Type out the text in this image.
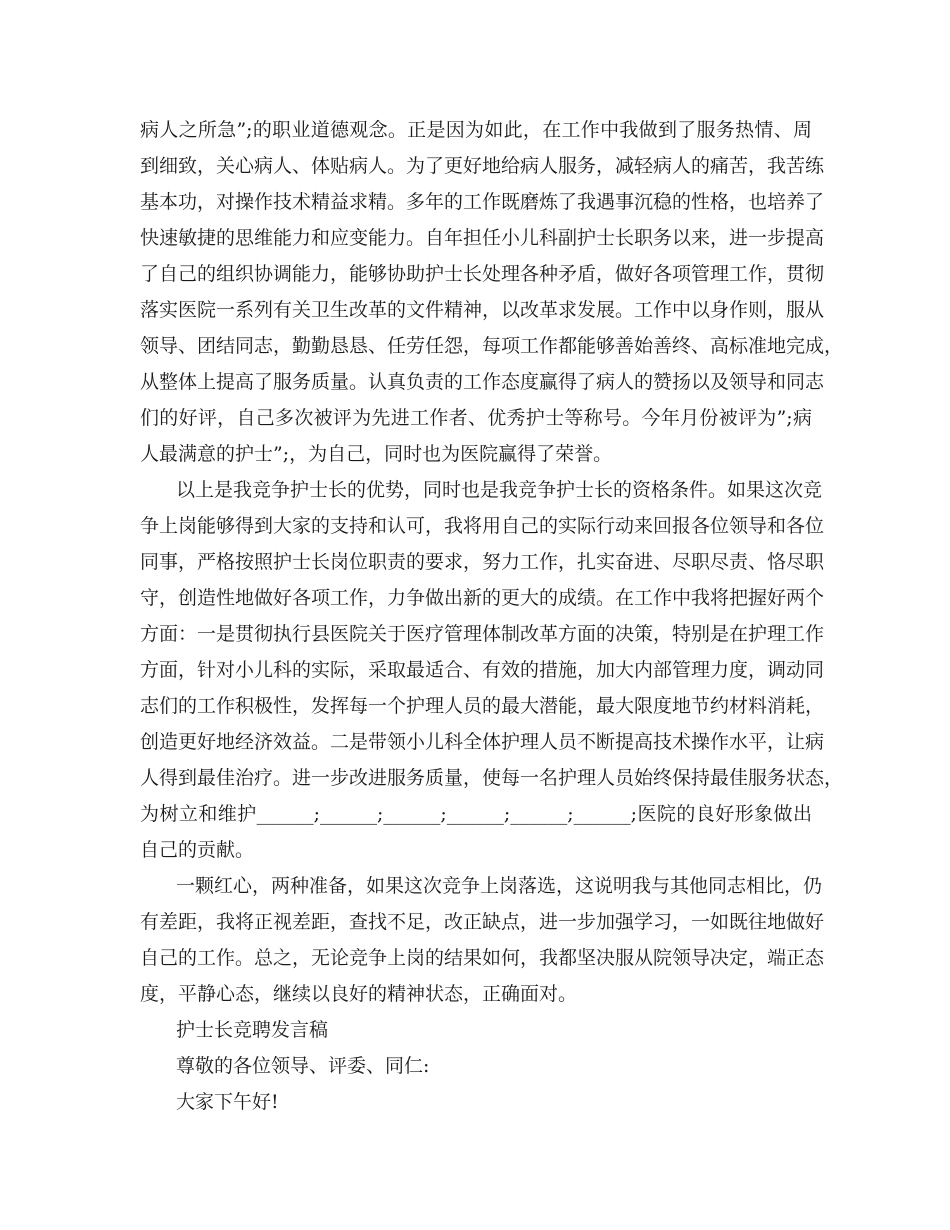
病人之所急”;的职业道德观念。正是因为如此，在工作中我做到了服务热情、周
到细致，关心病人、体贴病人。为了更好地给病人服务，减轻病人的痛苦，我苦练
基本功，对操作技术精益求精。多年的工作既磨炼了我遇事沉稳的性格，也培养了
快速敏捷的思维能力和应变能力。自年担任小儿科副护士长职务以来，进一步提高
了自己的组织协调能力，能够协助护士长处理各种矛盾，做好各项管理工作，贯彻
落实医院一系列有关卫生改革的文件精神，以改革求发展。工作中以身作则，服从
领导、团结同志，勤勤恳恳、任劳任怨，每项工作都能够善始善终、高标准地完成，
从整体上提高了服务质量。认真负责的工作态度赢得了病人的赞扬以及领导和同志
们的好评，自己多次被评为先进工作者、优秀护士等称号。今年月份被评为”;病
人最满意的护士”;，为自己，同时也为医院赢得了荣誉。
以上是我竞争护士长的优势，同时也是我竞争护士长的资格条件。如果这次竞
争上岗能够得到大家的支持和认可，我将用自己的实际行动来回报各位领导和各位
同事，严格按照护士长岗位职责的要求，努力工作，扎实奋进、尽职尽责、恪尽职
守，创造性地做好各项工作，力争做出新的更大的成绩。在工作中我将把握好两个
方面：一是贯彻执行县医院关于医疗管理体制改革方面的决策，特别是在护理工作
方面，针对小儿科的实际，采取最适合、有效的措施，加大内部管理力度，调动同
志们的工作积极性，发挥每一个护理人员的最大潜能，最大限度地节约材料消耗，
创造更好地经济效益。二是带领小儿科全体护理人员不断提高技术操作水平，让病
人得到最佳治疗。进一步改进服务质量，使每一名护理人员始终保持最佳服务状态，
为树立和维护______;______;______;______;______;______;医院的良好形象做出
自己的贡献。
一颗红心，两种准备，如果这次竞争上岗落选，这说明我与其他同志相比，仍
有差距，我将正视差距，查找不足，改正缺点，进一步加强学习，一如既往地做好
自己的工作。总之，无论竞争上岗的结果如何，我都坚决服从院领导决定，端正态
度，平静心态，继续以良好的精神状态，正确面对。
护士长竞聘发言稿
尊敬的各位领导、评委、同仁:
大家下午好!
